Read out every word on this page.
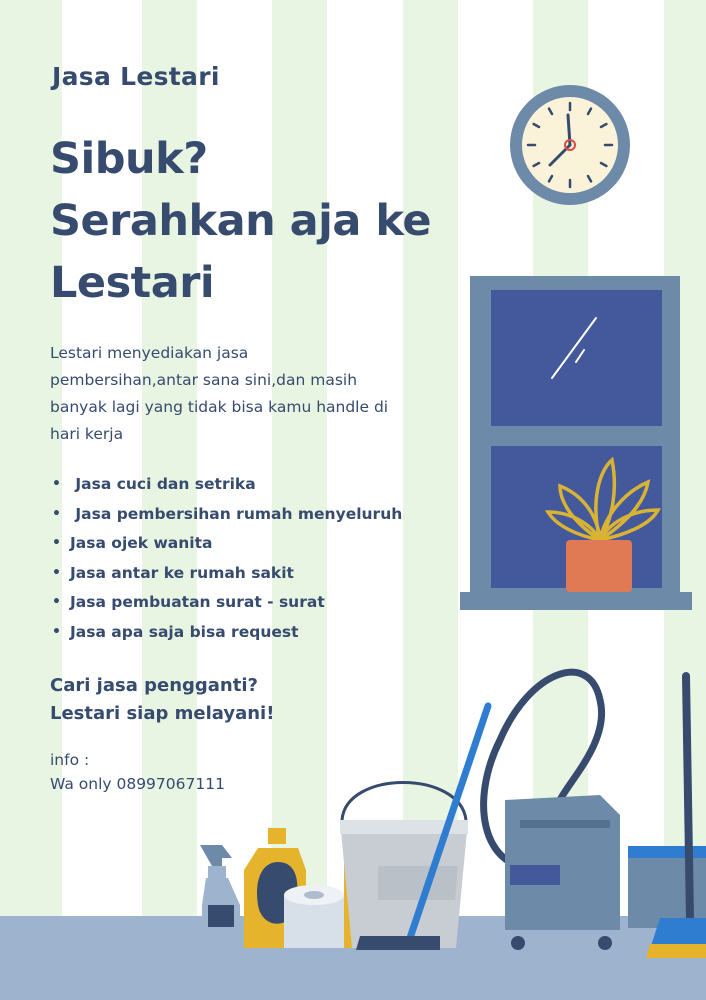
Jasa Lestari
Sibuk?
Serahkan aja ke
Lestari
Lestari menyediakan jasa
pembersihan,antar sana sini,dan masih
banyak lagi yang tidak bisa kamu handle di
hari kerja
• Jasa cuci dan setrika
• Jasa pembersihan rumah menyeluruh
• Jasa ojek wanita
• Jasa antar ke rumah sakit
• Jasa pembuatan surat - surat
• Jasa apa saja bisa request
Cari jasa pengganti?
Lestari siap melayani!
info :
Wa only 08997067111
